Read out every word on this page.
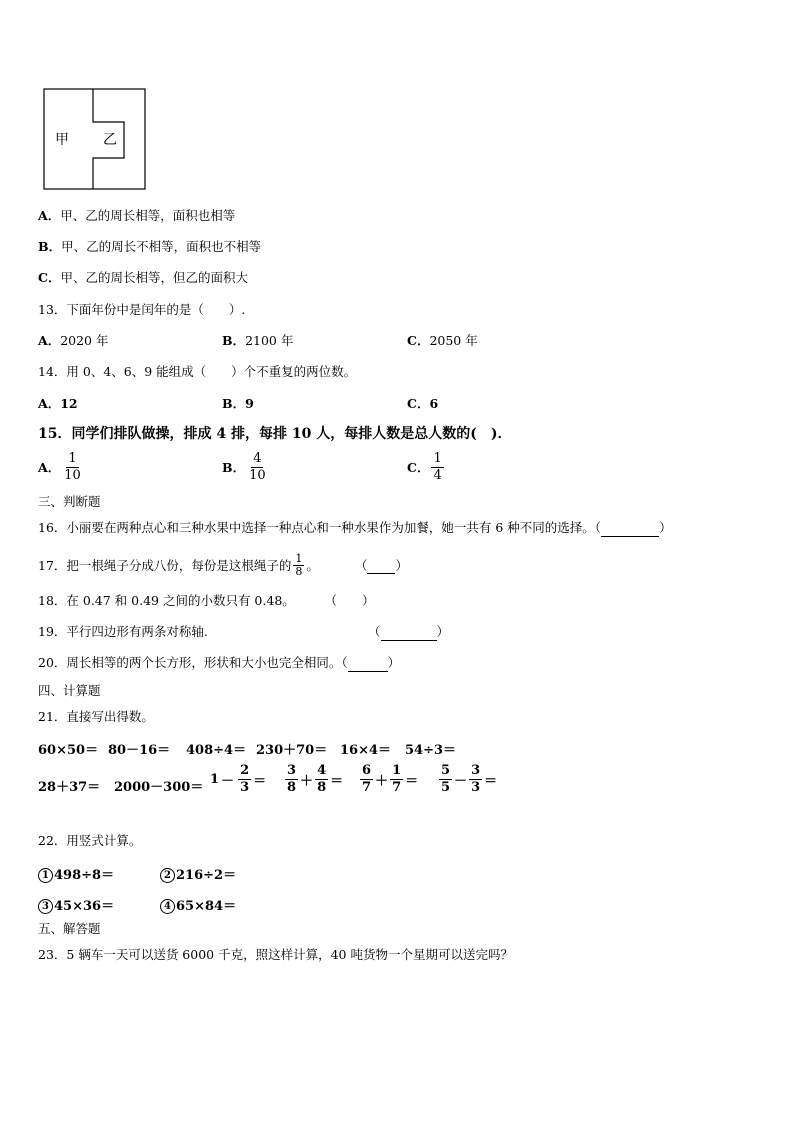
甲 乙
A．甲、乙的周长相等，面积也相等
B．甲、乙的周长不相等，面积也不相等
C．甲、乙的周长相等，但乙的面积大
13．下面年份中是闰年的是（　　）.
A．2020 年	B．2100 年	C．2050 年
14．用 0、4、6、9 能组成（　　）个不重复的两位数。
A．12	B．9	C．6
15．同学们排队做操，排成 4 排，每排 10 人，每排人数是总人数的(　)．
A． $\frac{1}{10}$	B． $\frac{4}{10}$	C． $\frac{1}{4}$
三、判断题
16．小丽要在两种点心和三种水果中选择一种点心和一种水果作为加餐，她一共有 6 种不同的选择。（	）
17．把一根绳子分成八份，每份是这根绳子的 $\frac{1}{8}$ 。	（
）
18．在 0.47 和 0.49 之间的小数只有 0.48。	（　　）
19．平行四边形有两条对称轴.	（	）
20．周长相等的两个长方形，形状和大小也完全相同。（	）
四、计算题
21．直接写出得数。
60×50＝ 80－16＝ 408÷4＝ 230＋70＝ 16×4＝ 54÷3＝
28＋37＝ 2000－300＝
$1 - \frac{2}{3} = \frac{3}{8} + \frac{4}{8} = \frac{6}{7} + \frac{1}{7} = \frac{5}{5} - \frac{3}{3}$ ＝
22．用竖式计算。
1 498÷8＝	2 216÷2＝
3 45×36＝	4 65×84＝
五、解答题
23．5 辆车一天可以送货 6000 千克，照这样计算，40 吨货物一个星期可以送完吗？
